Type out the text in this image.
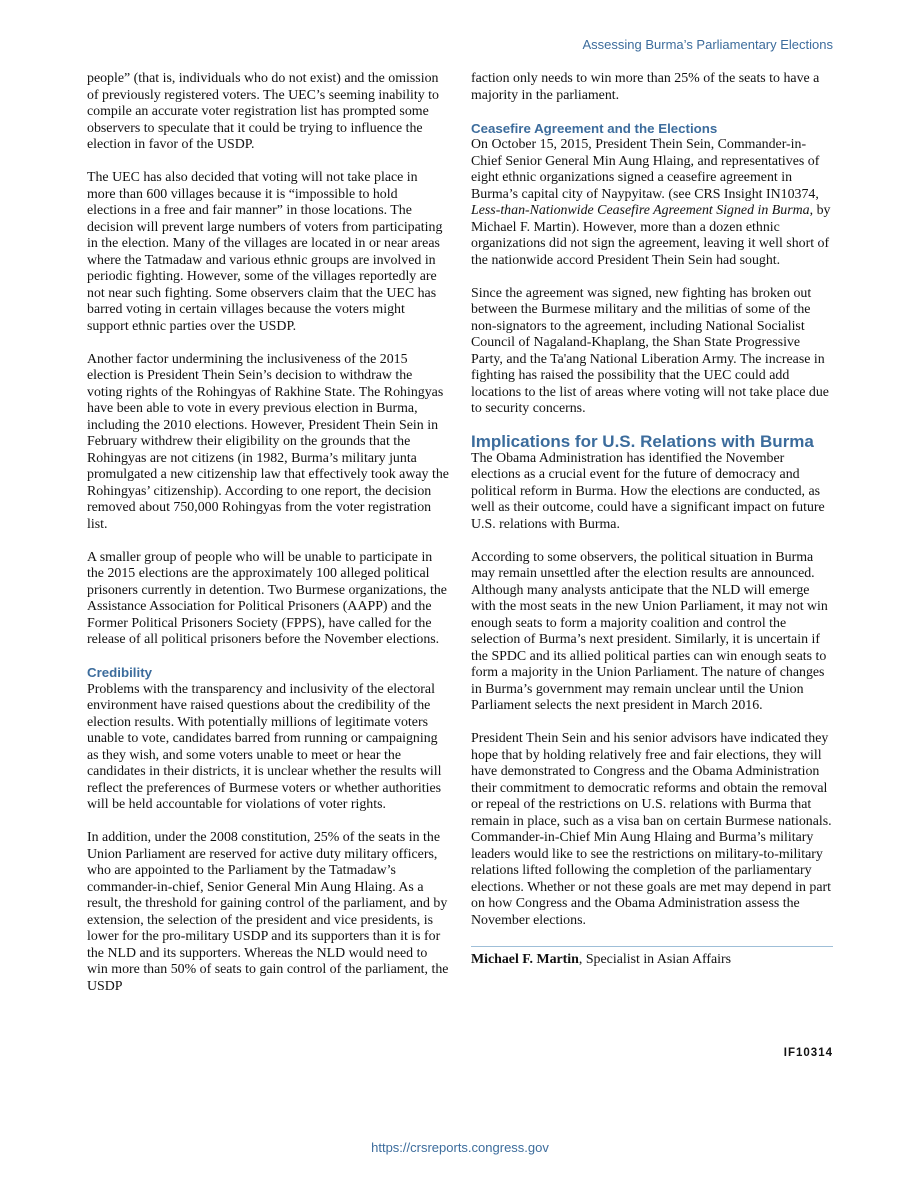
Assessing Burma’s Parliamentary Elections

people” (that is, individuals who do not exist) and the omission of previously registered voters. The UEC’s seeming inability to compile an accurate voter registration list has prompted some observers to speculate that it could be trying to influence the election in favor of the USDP.

The UEC has also decided that voting will not take place in more than 600 villages because it is “impossible to hold elections in a free and fair manner” in those locations. The decision will prevent large numbers of voters from participating in the election. Many of the villages are located in or near areas where the Tatmadaw and various ethnic groups are involved in periodic fighting. However, some of the villages reportedly are not near such fighting. Some observers claim that the UEC has barred voting in certain villages because the voters might support ethnic parties over the USDP.

Another factor undermining the inclusiveness of the 2015 election is President Thein Sein’s decision to withdraw the voting rights of the Rohingyas of Rakhine State. The Rohingyas have been able to vote in every previous election in Burma, including the 2010 elections. However, President Thein Sein in February withdrew their eligibility on the grounds that the Rohingyas are not citizens (in 1982, Burma’s military junta promulgated a new citizenship law that effectively took away the Rohingyas’ citizenship). According to one report, the decision removed about 750,000 Rohingyas from the voter registration list.

A smaller group of people who will be unable to participate in the 2015 elections are the approximately 100 alleged political prisoners currently in detention. Two Burmese organizations, the Assistance Association for Political Prisoners (AAPP) and the Former Political Prisoners Society (FPPS), have called for the release of all political prisoners before the November elections.

Credibility

Problems with the transparency and inclusivity of the electoral environment have raised questions about the credibility of the election results. With potentially millions of legitimate voters unable to vote, candidates barred from running or campaigning as they wish, and some voters unable to meet or hear the candidates in their districts, it is unclear whether the results will reflect the preferences of Burmese voters or whether authorities will be held accountable for violations of voter rights.

In addition, under the 2008 constitution, 25% of the seats in the Union Parliament are reserved for active duty military officers, who are appointed to the Parliament by the Tatmadaw’s commander-in-chief, Senior General Min Aung Hlaing. As a result, the threshold for gaining control of the parliament, and by extension, the selection of the president and vice presidents, is lower for the pro-military USDP and its supporters than it is for the NLD and its supporters. Whereas the NLD would need to win more than 50% of seats to gain control of the parliament, the USDP

faction only needs to win more than 25% of the seats to have a majority in the parliament.

Ceasefire Agreement and the Elections

On October 15, 2015, President Thein Sein, Commander-in-Chief Senior General Min Aung Hlaing, and representatives of eight ethnic organizations signed a ceasefire agreement in Burma’s capital city of Naypyitaw. (see CRS Insight IN10374, Less-than-Nationwide Ceasefire Agreement Signed in Burma, by Michael F. Martin). However, more than a dozen ethnic organizations did not sign the agreement, leaving it well short of the nationwide accord President Thein Sein had sought.

Since the agreement was signed, new fighting has broken out between the Burmese military and the militias of some of the non-signators to the agreement, including National Socialist Council of Nagaland-Khaplang, the Shan State Progressive Party, and the Ta'ang National Liberation Army. The increase in fighting has raised the possibility that the UEC could add locations to the list of areas where voting will not take place due to security concerns.

Implications for U.S. Relations with Burma

The Obama Administration has identified the November elections as a crucial event for the future of democracy and political reform in Burma. How the elections are conducted, as well as their outcome, could have a significant impact on future U.S. relations with Burma.

According to some observers, the political situation in Burma may remain unsettled after the election results are announced. Although many analysts anticipate that the NLD will emerge with the most seats in the new Union Parliament, it may not win enough seats to form a majority coalition and control the selection of Burma’s next president. Similarly, it is uncertain if the SPDC and its allied political parties can win enough seats to form a majority in the Union Parliament. The nature of changes in Burma’s government may remain unclear until the Union Parliament selects the next president in March 2016.

President Thein Sein and his senior advisors have indicated they hope that by holding relatively free and fair elections, they will have demonstrated to Congress and the Obama Administration their commitment to democratic reforms and obtain the removal or repeal of the restrictions on U.S. relations with Burma that remain in place, such as a visa ban on certain Burmese nationals. Commander-in-Chief Min Aung Hlaing and Burma’s military leaders would like to see the restrictions on military-to-military relations lifted following the completion of the parliamentary elections. Whether or not these goals are met may depend in part on how Congress and the Obama Administration assess the November elections.

Michael F. Martin, Specialist in Asian Affairs

IF10314
https://crsreports.congress.gov
